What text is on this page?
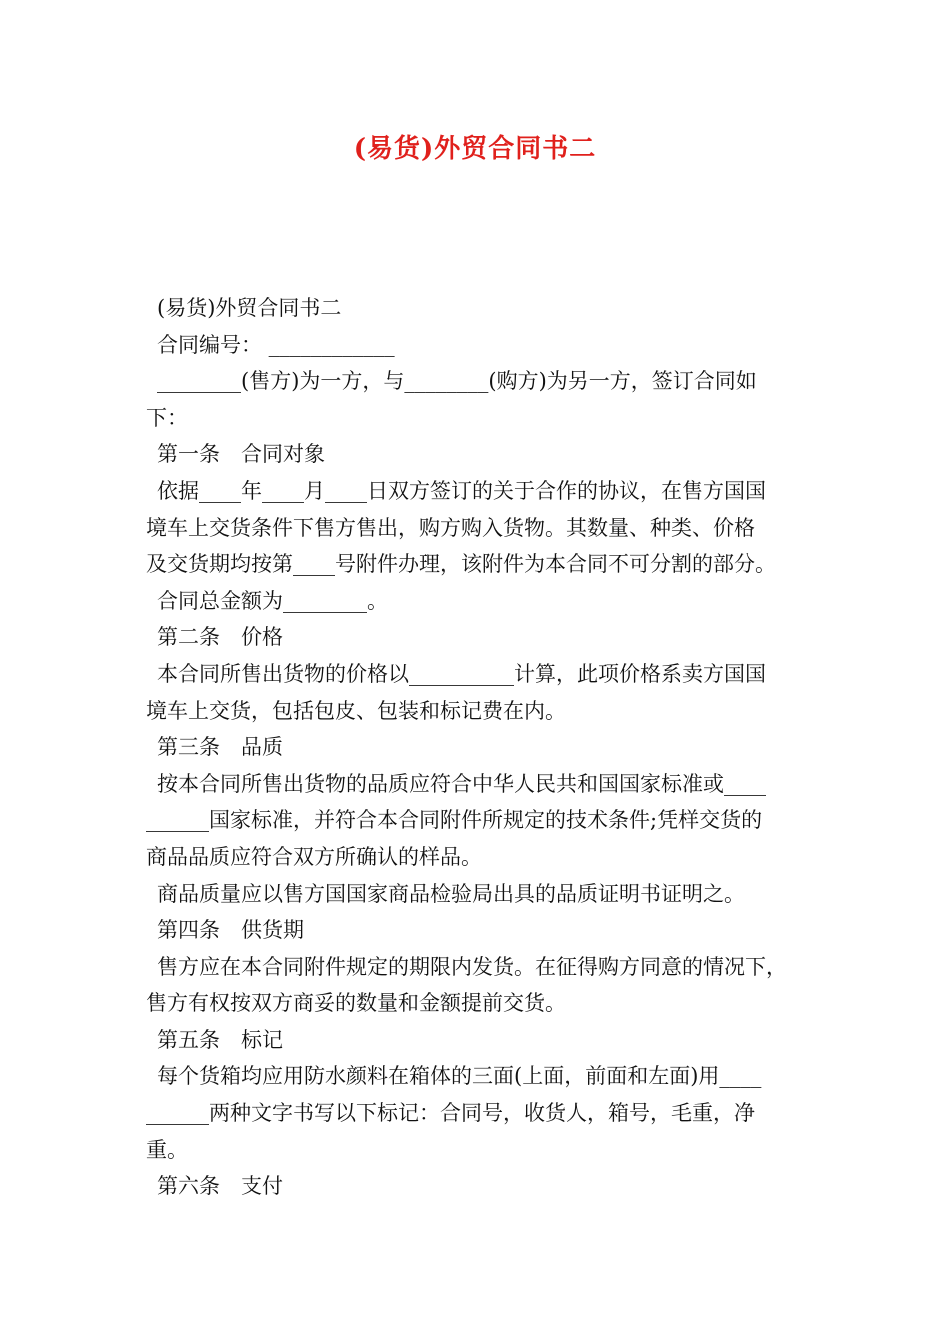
(易货)外贸合同书二
(易货)外贸合同书二
合同编号： ____________
________(售方)为一方，与________(购方)为另一方，签订合同如
下：
第一条　合同对象
依据____年____月____日双方签订的关于合作的协议，在售方国国
境车上交货条件下售方售出，购方购入货物。其数量、种类、价格
及交货期均按第____号附件办理，该附件为本合同不可分割的部分。
合同总金额为________。
第二条　价格
本合同所售出货物的价格以__________计算，此项价格系卖方国国
境车上交货，包括包皮、包装和标记费在内。
第三条　品质
按本合同所售出货物的品质应符合中华人民共和国国家标准或____
______国家标准，并符合本合同附件所规定的技术条件;凭样交货的
商品品质应符合双方所确认的样品。
商品质量应以售方国国家商品检验局出具的品质证明书证明之。
第四条　供货期
售方应在本合同附件规定的期限内发货。在征得购方同意的情况下，
售方有权按双方商妥的数量和金额提前交货。
第五条　标记
每个货箱均应用防水颜料在箱体的三面(上面，前面和左面)用____
______两种文字书写以下标记：合同号，收货人，箱号，毛重，净
重。
第六条　支付
